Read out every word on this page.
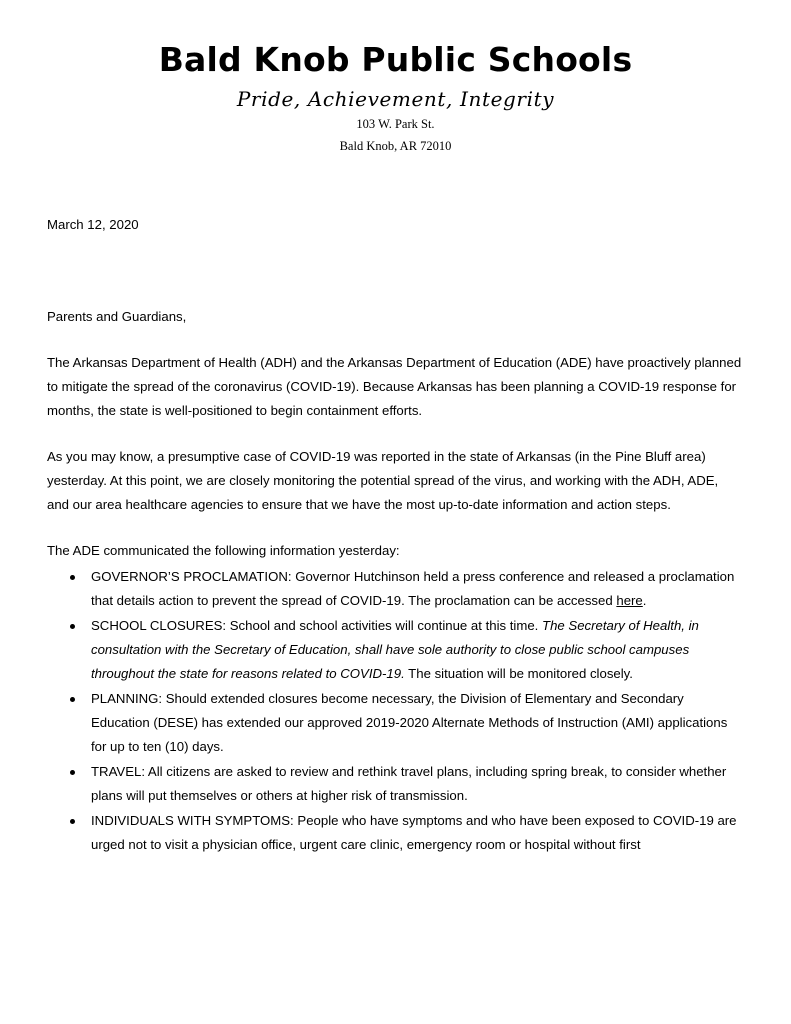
Bald Knob Public Schools
Pride, Achievement, Integrity
103 W. Park St.
Bald Knob, AR 72010
March 12, 2020
Parents and Guardians,

The Arkansas Department of Health (ADH) and the Arkansas Department of Education (ADE) have proactively planned to mitigate the spread of the coronavirus (COVID-19). Because Arkansas has been planning a COVID-19 response for months, the state is well-positioned to begin containment efforts.

As you may know, a presumptive case of COVID-19 was reported in the state of Arkansas (in the Pine Bluff area) yesterday. At this point, we are closely monitoring the potential spread of the virus, and working with the ADH, ADE, and our area healthcare agencies to ensure that we have the most up-to-date information and action steps.

The ADE communicated the following information yesterday:

GOVERNOR’S PROCLAMATION: Governor Hutchinson held a press conference and released a proclamation that details action to prevent the spread of COVID-19. The proclamation can be accessed here.
SCHOOL CLOSURES: School and school activities will continue at this time. The Secretary of Health, in consultation with the Secretary of Education, shall have sole authority to close public school campuses throughout the state for reasons related to COVID-19. The situation will be monitored closely.
PLANNING: Should extended closures become necessary, the Division of Elementary and Secondary Education (DESE) has extended our approved 2019-2020 Alternate Methods of Instruction (AMI) applications for up to ten (10) days.
TRAVEL: All citizens are asked to review and rethink travel plans, including spring break, to consider whether plans will put themselves or others at higher risk of transmission.
INDIVIDUALS WITH SYMPTOMS: People who have symptoms and who have been exposed to COVID-19 are urged not to visit a physician office, urgent care clinic, emergency room or hospital without first
